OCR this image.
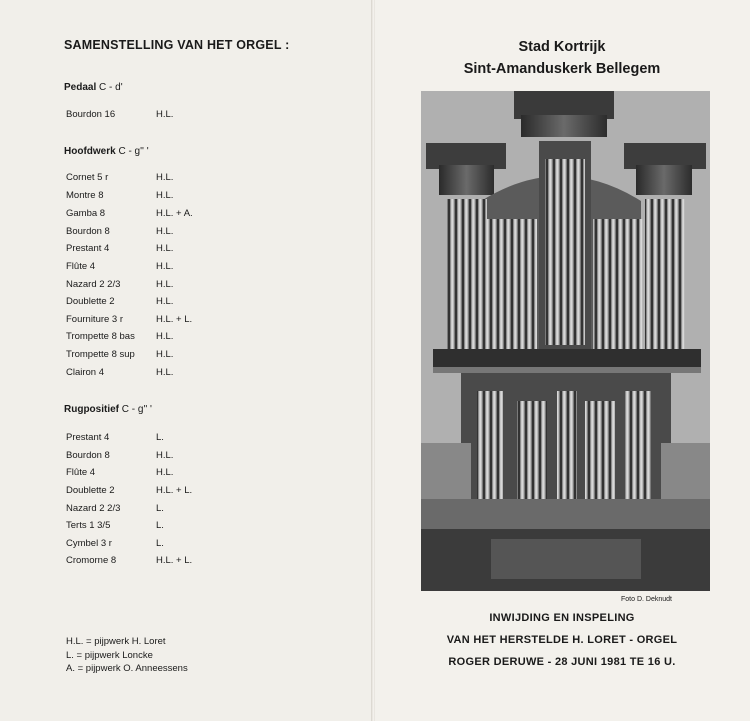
SAMENSTELLING VAN HET ORGEL :
Pedaal C - d'
Bourdon 16	H.L.
Hoofdwerk C - g'' '
Cornet 5 r	H.L.
Montre 8	H.L.
Gamba 8	H.L. + A.
Bourdon 8	H.L.
Prestant 4	H.L.
Flûte 4	H.L.
Nazard 2 2/3	H.L.
Doublette 2	H.L.
Fourniture 3 r	H.L. + L.
Trompette 8 bas H.L.
Trompette 8 sup H.L.
Clairon 4	H.L.
Rugpositief C - g'' '
Prestant 4	L.
Bourdon 8	H.L.
Flûte 4	H.L.
Doublette 2	H.L. + L.
Nazard 2 2/3	L.
Terts 1 3/5	L.
Cymbel 3 r	L.
Cromorne 8	H.L. + L.
H.L. = pijpwerk H. Loret
L. = pijpwerk Loncke
A. = pijpwerk O. Anneessens
Stad Kortrijk
Sint-Amanduskerk Bellegem
Foto D. Deknudt
INWIJDING EN INSPELING
VAN HET HERSTELDE H. LORET - ORGEL
ROGER DERUWE - 28 JUNI 1981 TE 16 U.
